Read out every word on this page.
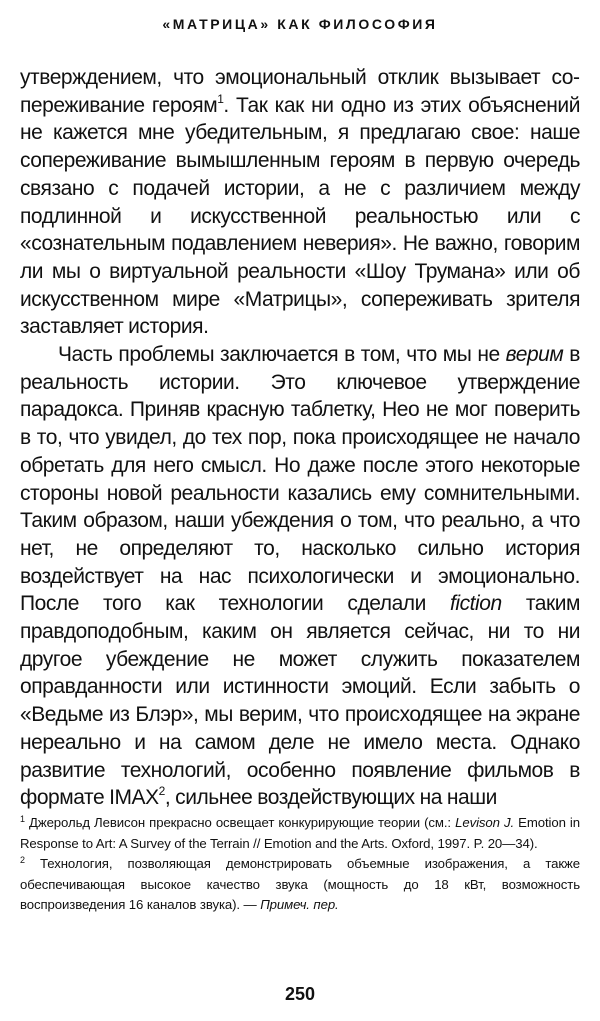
«МАТРИЦА» КАК ФИЛОСОФИЯ

утверждением, что эмоциональный отклик вызывает сопереживание героям$^1$. Так как ни одно из этих объяснений не кажется мне убедительным, я предлагаю свое: наше сопереживание вымышленным героям в первую очередь связано с подачей истории, а не с различием между подлинной и искусственной реальностью или с «сознательным подавлением неверия». Не важно, говорим ли мы о виртуальной реальности «Шоу Трумана» или об искусственном мире «Матрицы», сопереживать зрителя заставляет история.

Часть проблемы заключается в том, что мы не верим в реальность истории. Это ключевое утверждение парадокса. Приняв красную таблетку, Нео не мог поверить в то, что увидел, до тех пор, пока происходящее не начало обретать для него смысл. Но даже после этого некоторые стороны новой реальности казались ему сомнительными. Таким образом, наши убеждения о том, что реально, а что нет, не определяют то, насколько сильно история воздействует на нас психологически и эмоционально. После того как технологии сделали fiction таким правдоподобным, каким он является сейчас, ни то ни другое убеждение не может служить показателем оправданности или истинности эмоций. Если забыть о «Ведьме из Блэр», мы верим, что происходящее на экране нереально и на самом деле не имело места. Однако развитие технологий, особенно появление фильмов в формате IMAX$^2$, сильнее воздействующих на наши

$^1$ Джерольд Левисон прекрасно освещает конкурирующие теории (см.: Levison J. Emotion in Response to Art: A Survey of the Terrain // Emotion and the Arts. Oxford, 1997. P. 20—34).

$^2$ Технология, позволяющая демонстрировать объемные изображения, а также обеспечивающая высокое качество звука (мощность до 18 кВт, возможность воспроизведения 16 каналов звука). — Примеч. пер.

250
